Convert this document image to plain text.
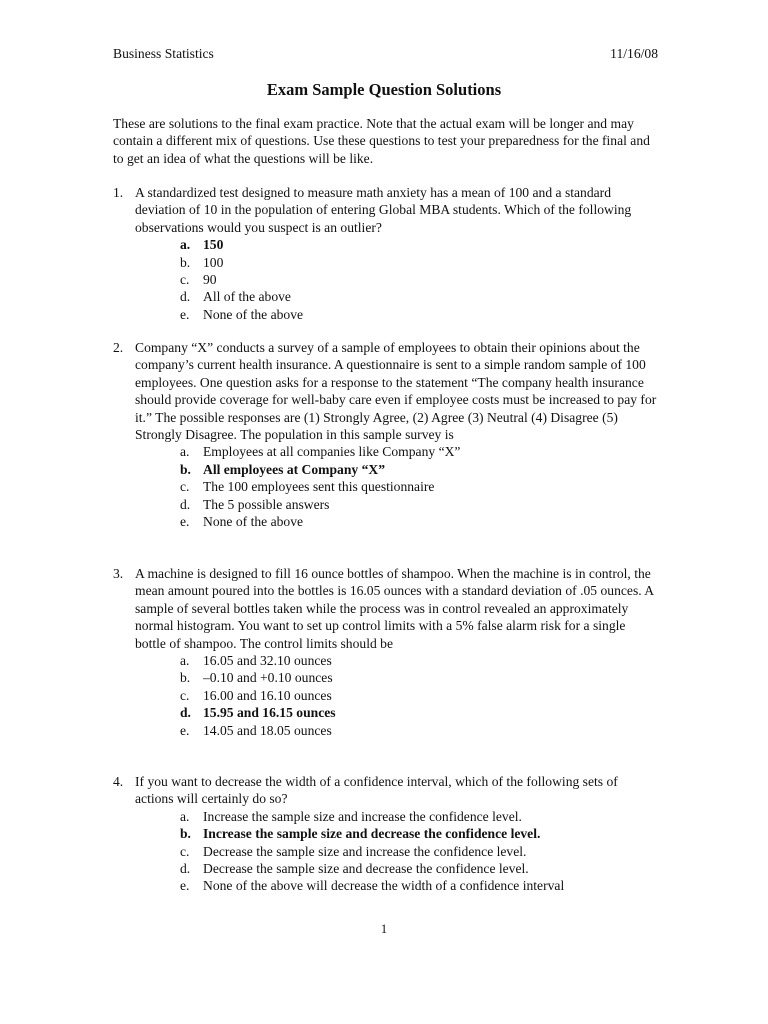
Business Statistics	11/16/08
Exam Sample Question Solutions
These are solutions to the final exam practice. Note that the actual exam will be longer and may contain a different mix of questions. Use these questions to test your preparedness for the final and to get an idea of what the questions will be like.
1. A standardized test designed to measure math anxiety has a mean of 100 and a standard deviation of 10 in the population of entering Global MBA students. Which of the following observations would you suspect is an outlier?
a. 150
b. 100
c. 90
d. All of the above
e. None of the above
2. Company “X” conducts a survey of a sample of employees to obtain their opinions about the company’s current health insurance. A questionnaire is sent to a simple random sample of 100 employees. One question asks for a response to the statement “The company health insurance should provide coverage for well-baby care even if employee costs must be increased to pay for it.” The possible responses are (1) Strongly Agree, (2) Agree (3) Neutral (4) Disagree (5) Strongly Disagree. The population in this sample survey is
a. Employees at all companies like Company “X”
b. All employees at Company “X”
c. The 100 employees sent this questionnaire
d. The 5 possible answers
e. None of the above
3. A machine is designed to fill 16 ounce bottles of shampoo. When the machine is in control, the mean amount poured into the bottles is 16.05 ounces with a standard deviation of .05 ounces. A sample of several bottles taken while the process was in control revealed an approximately normal histogram. You want to set up control limits with a 5% false alarm risk for a single bottle of shampoo. The control limits should be
a. 16.05 and 32.10 ounces
b. –0.10 and +0.10 ounces
c. 16.00 and 16.10 ounces
d. 15.95 and 16.15 ounces
e. 14.05 and 18.05 ounces
4. If you want to decrease the width of a confidence interval, which of the following sets of actions will certainly do so?
a. Increase the sample size and increase the confidence level.
b. Increase the sample size and decrease the confidence level.
c. Decrease the sample size and increase the confidence level.
d. Decrease the sample size and decrease the confidence level.
e. None of the above will decrease the width of a confidence interval
1
